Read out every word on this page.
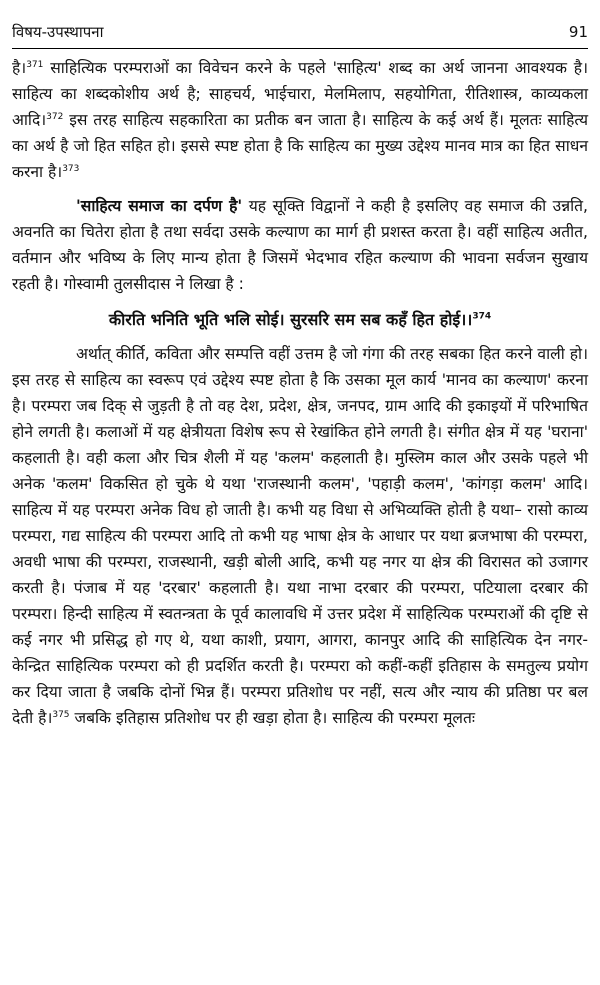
विषय-उपस्थापना	91

है।$^{371}$ साहित्यिक परम्पराओं का विवेचन करने के पहले 'साहित्य' शब्द का अर्थ जानना आवश्यक है। साहित्य का शब्दकोशीय अर्थ है; साहचर्य, भाईचारा, मेलमिलाप, सहयोगिता, रीतिशास्त्र, काव्यकला आदि।$^{372}$ इस तरह साहित्य सहकारिता का प्रतीक बन जाता है। साहित्य के कई अर्थ हैं। मूलतः साहित्य का अर्थ है जो हित सहित हो। इससे स्पष्ट होता है कि साहित्य का मुख्य उद्देश्य मानव मात्र का हित साधन करना है।$^{373}$

'साहित्य समाज का दर्पण है' यह सूक्ति विद्वानों ने कही है इसलिए वह समाज की उन्नति, अवनति का चितेरा होता है तथा सर्वदा उसके कल्याण का मार्ग ही प्रशस्त करता है। वहीं साहित्य अतीत, वर्तमान और भविष्य के लिए मान्य होता है जिसमें भेदभाव रहित कल्याण की भावना सर्वजन सुखाय रहती है। गोस्वामी तुलसीदास ने लिखा है :

कीरति भनिति भूति भलि सोई। सुरसरि सम सब कहँ हित होई।।$^{374}$

अर्थात् कीर्ति, कविता और सम्पत्ति वहीं उत्तम है जो गंगा की तरह सबका हित करने वाली हो। इस तरह से साहित्य का स्वरूप एवं उद्देश्य स्पष्ट होता है कि उसका मूल कार्य 'मानव का कल्याण' करना है। परम्परा जब दिक् से जुड़ती है तो वह देश, प्रदेश, क्षेत्र, जनपद, ग्राम आदि की इकाइयों में परिभाषित होने लगती है। कलाओं में यह क्षेत्रीयता विशेष रूप से रेखांकित होने लगती है। संगीत क्षेत्र में यह 'घराना' कहलाती है। वही कला और चित्र शैली में यह 'कलम' कहलाती है। मुस्लिम काल और उसके पहले भी अनेक 'कलम' विकसित हो चुके थे यथा 'राजस्थानी कलम', 'पहाड़ी कलम', 'कांगड़ा कलम' आदि। साहित्य में यह परम्परा अनेक विध हो जाती है। कभी यह विधा से अभिव्यक्ति होती है यथा– रासो काव्य परम्परा, गद्य साहित्य की परम्परा आदि तो कभी यह भाषा क्षेत्र के आधार पर यथा ब्रजभाषा की परम्परा, अवधी भाषा की परम्परा, राजस्थानी, खड़ी बोली आदि, कभी यह नगर या क्षेत्र की विरासत को उजागर करती है। पंजाब में यह 'दरबार' कहलाती है। यथा नाभा दरबार की परम्परा, पटियाला दरबार की परम्परा। हिन्दी साहित्य में स्वतन्त्रता के पूर्व कालावधि में उत्तर प्रदेश में साहित्यिक परम्पराओं की दृष्टि से कई नगर भी प्रसिद्ध हो गए थे, यथा काशी, प्रयाग, आगरा, कानपुर आदि की साहित्यिक देन नगर-केन्द्रित साहित्यिक परम्परा को ही प्रदर्शित करती है। परम्परा को कहीं-कहीं इतिहास के समतुल्य प्रयोग कर दिया जाता है जबकि दोनों भिन्न हैं। परम्परा प्रतिशोध पर नहीं, सत्य और न्याय की प्रतिष्ठा पर बल देती है।$^{375}$ जबकि इतिहास प्रतिशोध पर ही खड़ा होता है। साहित्य की परम्परा मूलतः
